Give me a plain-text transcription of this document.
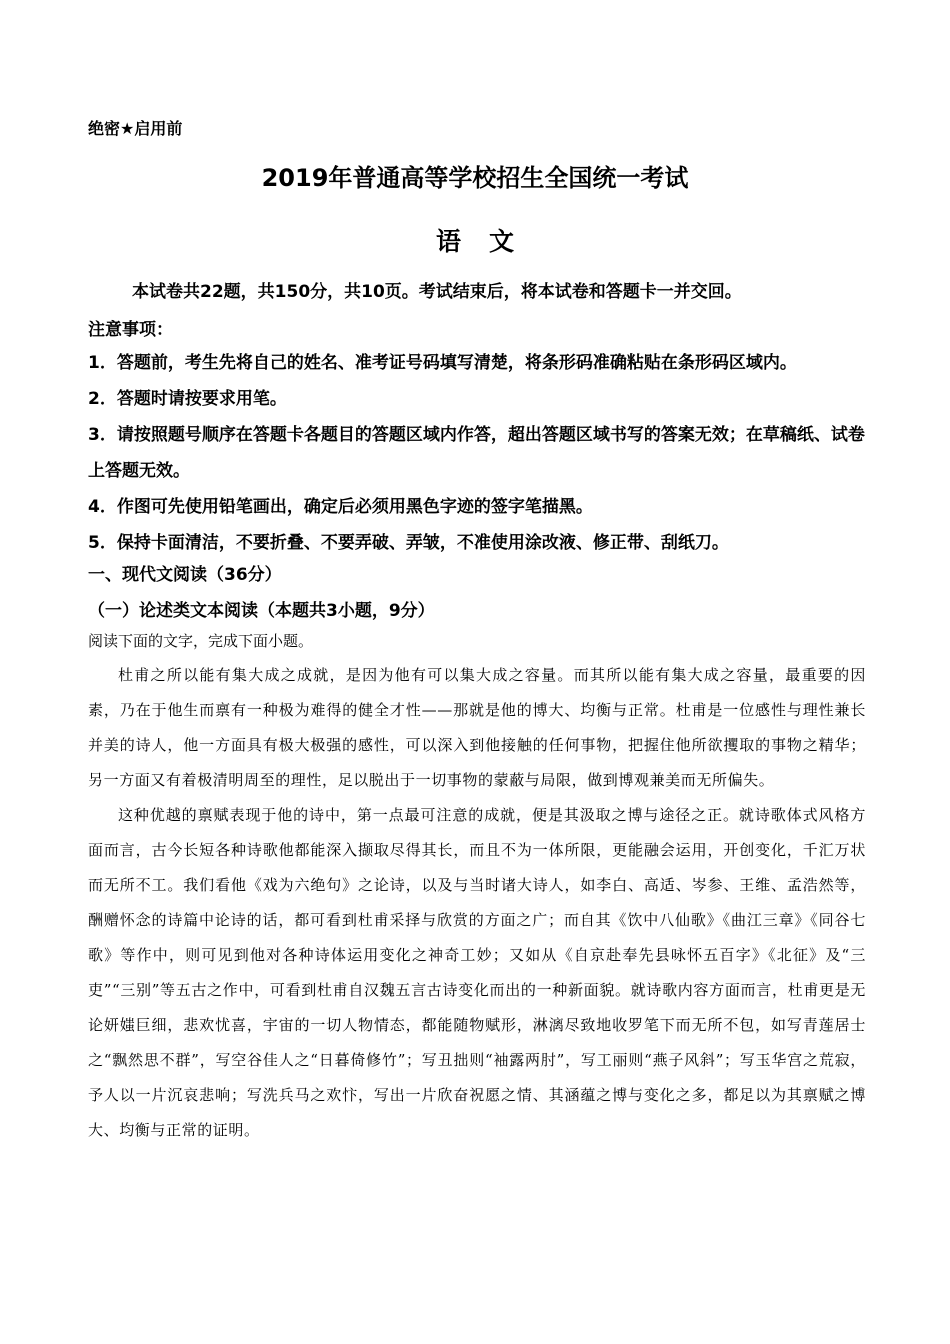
绝密★启用前
2019年普通高等学校招生全国统一考试
语文
本试卷共22题，共150分，共10页。考试结束后，将本试卷和答题卡一并交回。
注意事项：
1．答题前，考生先将自己的姓名、准考证号码填写清楚，将条形码准确粘贴在条形码区域内。
2．答题时请按要求用笔。
3．请按照题号顺序在答题卡各题目的答题区域内作答，超出答题区域书写的答案无效；在草稿纸、试卷上答题无效。
4．作图可先使用铅笔画出，确定后必须用黑色字迹的签字笔描黑。
5．保持卡面清洁，不要折叠、不要弄破、弄皱，不准使用涂改液、修正带、刮纸刀。
一、现代文阅读（36分）
（一）论述类文本阅读（本题共3小题，9分）
阅读下面的文字，完成下面小题。

杜甫之所以能有集大成之成就，是因为他有可以集大成之容量。而其所以能有集大成之容量，最重要的因素，乃在于他生而禀有一种极为难得的健全才性——那就是他的博大、均衡与正常。杜甫是一位感性与理性兼长并美的诗人，他一方面具有极大极强的感性，可以深入到他接触的任何事物，把握住他所欲攫取的事物之精华；另一方面又有着极清明周至的理性，足以脱出于一切事物的蒙蔽与局限，做到博观兼美而无所偏失。

这种优越的禀赋表现于他的诗中，第一点最可注意的成就，便是其汲取之博与途径之正。就诗歌体式风格方面而言，古今长短各种诗歌他都能深入撷取尽得其长，而且不为一体所限，更能融会运用，开创变化，千汇万状而无所不工。我们看他《戏为六绝句》之论诗，以及与当时诸大诗人，如李白、高适、岑参、王维、孟浩然等，酬赠怀念的诗篇中论诗的话，都可看到杜甫采择与欣赏的方面之广；而自其《饮中八仙歌》《曲江三章》《同谷七歌》等作中，则可见到他对各种诗体运用变化之神奇工妙；又如从《自京赴奉先县咏怀五百字》《北征》及“三吏”“三别”等五古之作中，可看到杜甫自汉魏五言古诗变化而出的一种新面貌。就诗歌内容方面而言，杜甫更是无论妍媸巨细，悲欢忧喜，宇宙的一切人物情态，都能随物赋形，淋漓尽致地收罗笔下而无所不包，如写青莲居士之“飘然思不群”，写空谷佳人之“日暮倚修竹”；写丑拙则“袖露两肘”，写工丽则“燕子风斜”；写玉华宫之荒寂，予人以一片沉哀悲响；写洗兵马之欢忭，写出一片欣奋祝愿之情、其涵蕴之博与变化之多，都足以为其禀赋之博大、均衡与正常的证明。
